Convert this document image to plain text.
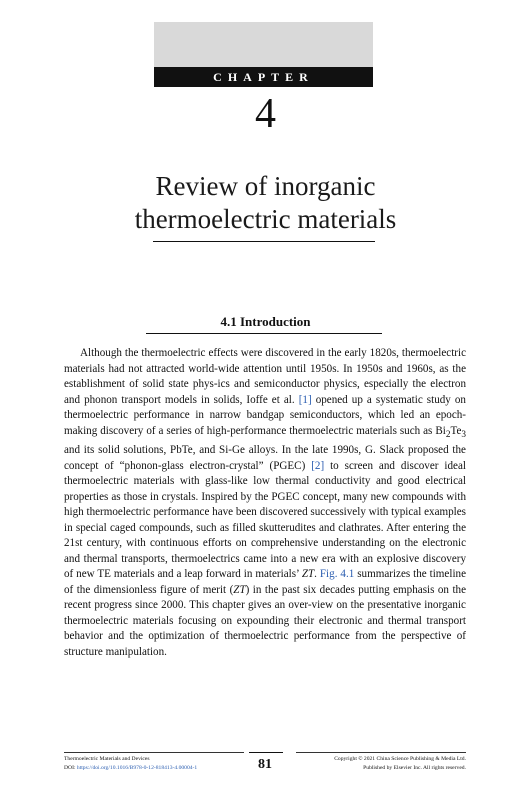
CHAPTER
4
Review of inorganic
thermoelectric materials
4.1 Introduction
Although the thermoelectric effects were discovered in the early 1820s, thermoelectric materials had not attracted world-wide attention until 1950s. In 1950s and 1960s, as the establishment of solid state phys-ics and semiconductor physics, especially the electron and phonon transport models in solids, Ioffe et al. [1] opened up a systematic study on thermoelectric performance in narrow bandgap semiconductors, which led an epoch-making discovery of a series of high-performance thermoelectric materials such as $Bi_2Te_3$ and its solid solutions, PbTe, and Si-Ge alloys. In the late 1990s, G. Slack proposed the concept of “phonon-glass electron-crystal” (PGEC) [2] to screen and discover ideal thermoelectric materials with glass-like low thermal conductivity and good electrical properties as those in crystals. Inspired by the PGEC concept, many new compounds with high thermoelectric performance have been discovered successively with typical examples in special caged compounds, such as filled skutterudites and clathrates. After entering the 21st century, with continuous efforts on comprehensive understanding on the electronic and thermal transports, thermoelectrics came into a new era with an explosive discovery of new TE materials and a leap forward in materials’ ZT. Fig. 4.1 summarizes the timeline of the dimensionless figure of merit (ZT) in the past six decades putting emphasis on the recent progress since 2000. This chapter gives an over-view on the presentative inorganic thermoelectric materials focusing on expounding their electronic and thermal transport behavior and the optimization of thermoelectric performance from the perspective of structure manipulation.
Thermoelectric Materials and Devices
DOI: https://doi.org/10.1016/B978-0-12-818413-4.00004-1	81	Copyright © 2021 China Science Publishing & Media Ltd.
Published by Elsevier Inc. All rights reserved.
